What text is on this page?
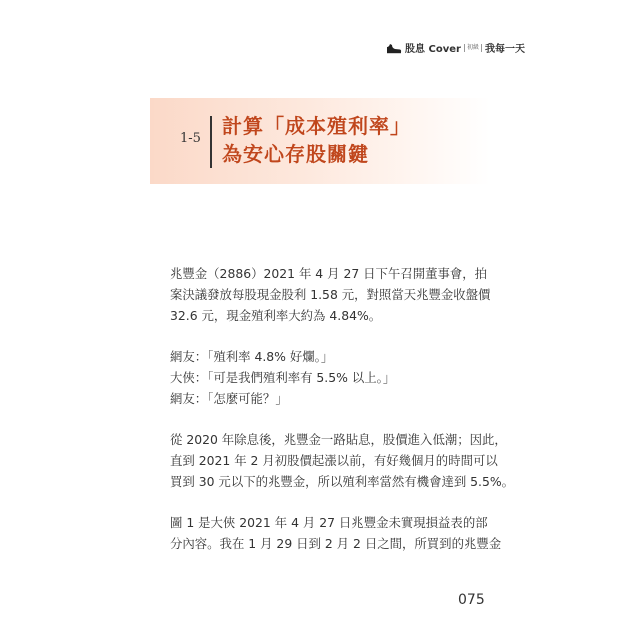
股息 Cover	初級 我每一天
1-5
計算「成本殖利率」
為安心存股關鍵
兆豐金（2886）2021 年 4 月 27 日下午召開董事會，拍
案決議發放每股現金股利 1.58 元，對照當天兆豐金收盤價
32.6 元，現金殖利率大約為 4.84%。
網友：「殖利率 4.8% 好爛。」
大俠：「可是我們殖利率有 5.5% 以上。」
網友：「怎麼可能？」
從 2020 年除息後，兆豐金一路貼息，股價進入低潮；因此，
直到 2021 年 2 月初股價起漲以前，有好幾個月的時間可以
買到 30 元以下的兆豐金，所以殖利率當然有機會達到 5.5%。
圖 1 是大俠 2021 年 4 月 27 日兆豐金未實現損益表的部
分內容。我在 1 月 29 日到 2 月 2 日之間，所買到的兆豐金
075
